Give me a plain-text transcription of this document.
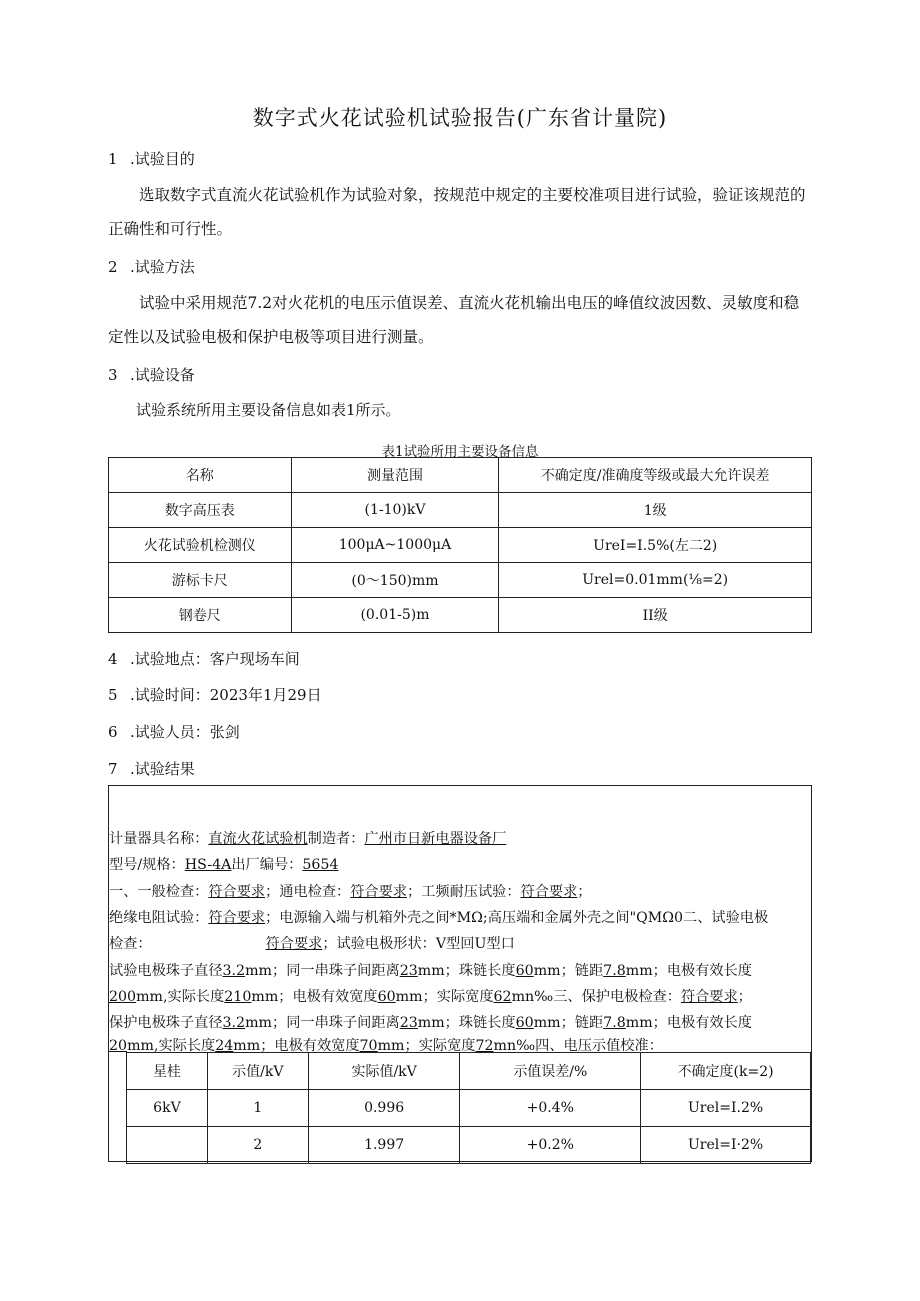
数字式火花试验机试验报告(广东省计量院)
1 .试验目的
选取数字式直流火花试验机作为试验对象，按规范中规定的主要校准项目进行试验，验证该规范的正确性和可行性。
2 .试验方法
试验中采用规范7.2对火花机的电压示值误差、直流火花机输出电压的峰值纹波因数、灵敏度和稳定性以及试验电极和保护电极等项目进行测量。
3 .试验设备
试验系统所用主要设备信息如表1所示。
表1试验所用主要设备信息
名称	测量范围	不确定度/准确度等级或最大允许误差
数字高压表	(1-10)kV	1级
火花试验机检测仪	100μA~1000μA	UreI=I.5%(左二2)
游标卡尺	(0～150)mm	Urel=0.01mm(⅛=2)
钢卷尺	(0.01-5)m	II级
4 .试验地点：客户现场车间
5 .试验时间：2023年1月29日
6 .试验人员：张剑
7 .试验结果
计量器具名称：直流火花试验机制造者：广州市日新电器设备厂
型号/规格：HS-4A出厂编号：5654
一、一般检查：符合要求；通电检查：符合要求；工频耐压试验：符合要求；
绝缘电阻试验：符合要求；电源输入端与机箱外壳之间*MΩ;高压端和金属外壳之间"QMΩ0二、试验电极
检查：	符合要求；试验电极形状：V型回U型口
试验电极珠子直径3.2mm；同一串珠子间距离23mm；珠链长度60mm；链距7.8mm；电极有效长度
200mm,实际长度210mm；电极有效宽度60mm；实际宽度62mn‰三、保护电极检查：符合要求；
保护电极珠子直径3.2mm；同一串珠子间距离23mm；珠链长度60mm；链距7.8mm；电极有效长度
20mm,实际长度24mm；电极有效宽度70mm；实际宽度72mn‰四、电压示值校准：
星桂	示值/kV	实际值/kV	示值误差/%	不确定度(k=2)
6kV	1	0.996	+0.4%	Urel=I.2%
	2	1.997	+0.2%	Urel=I·2%
